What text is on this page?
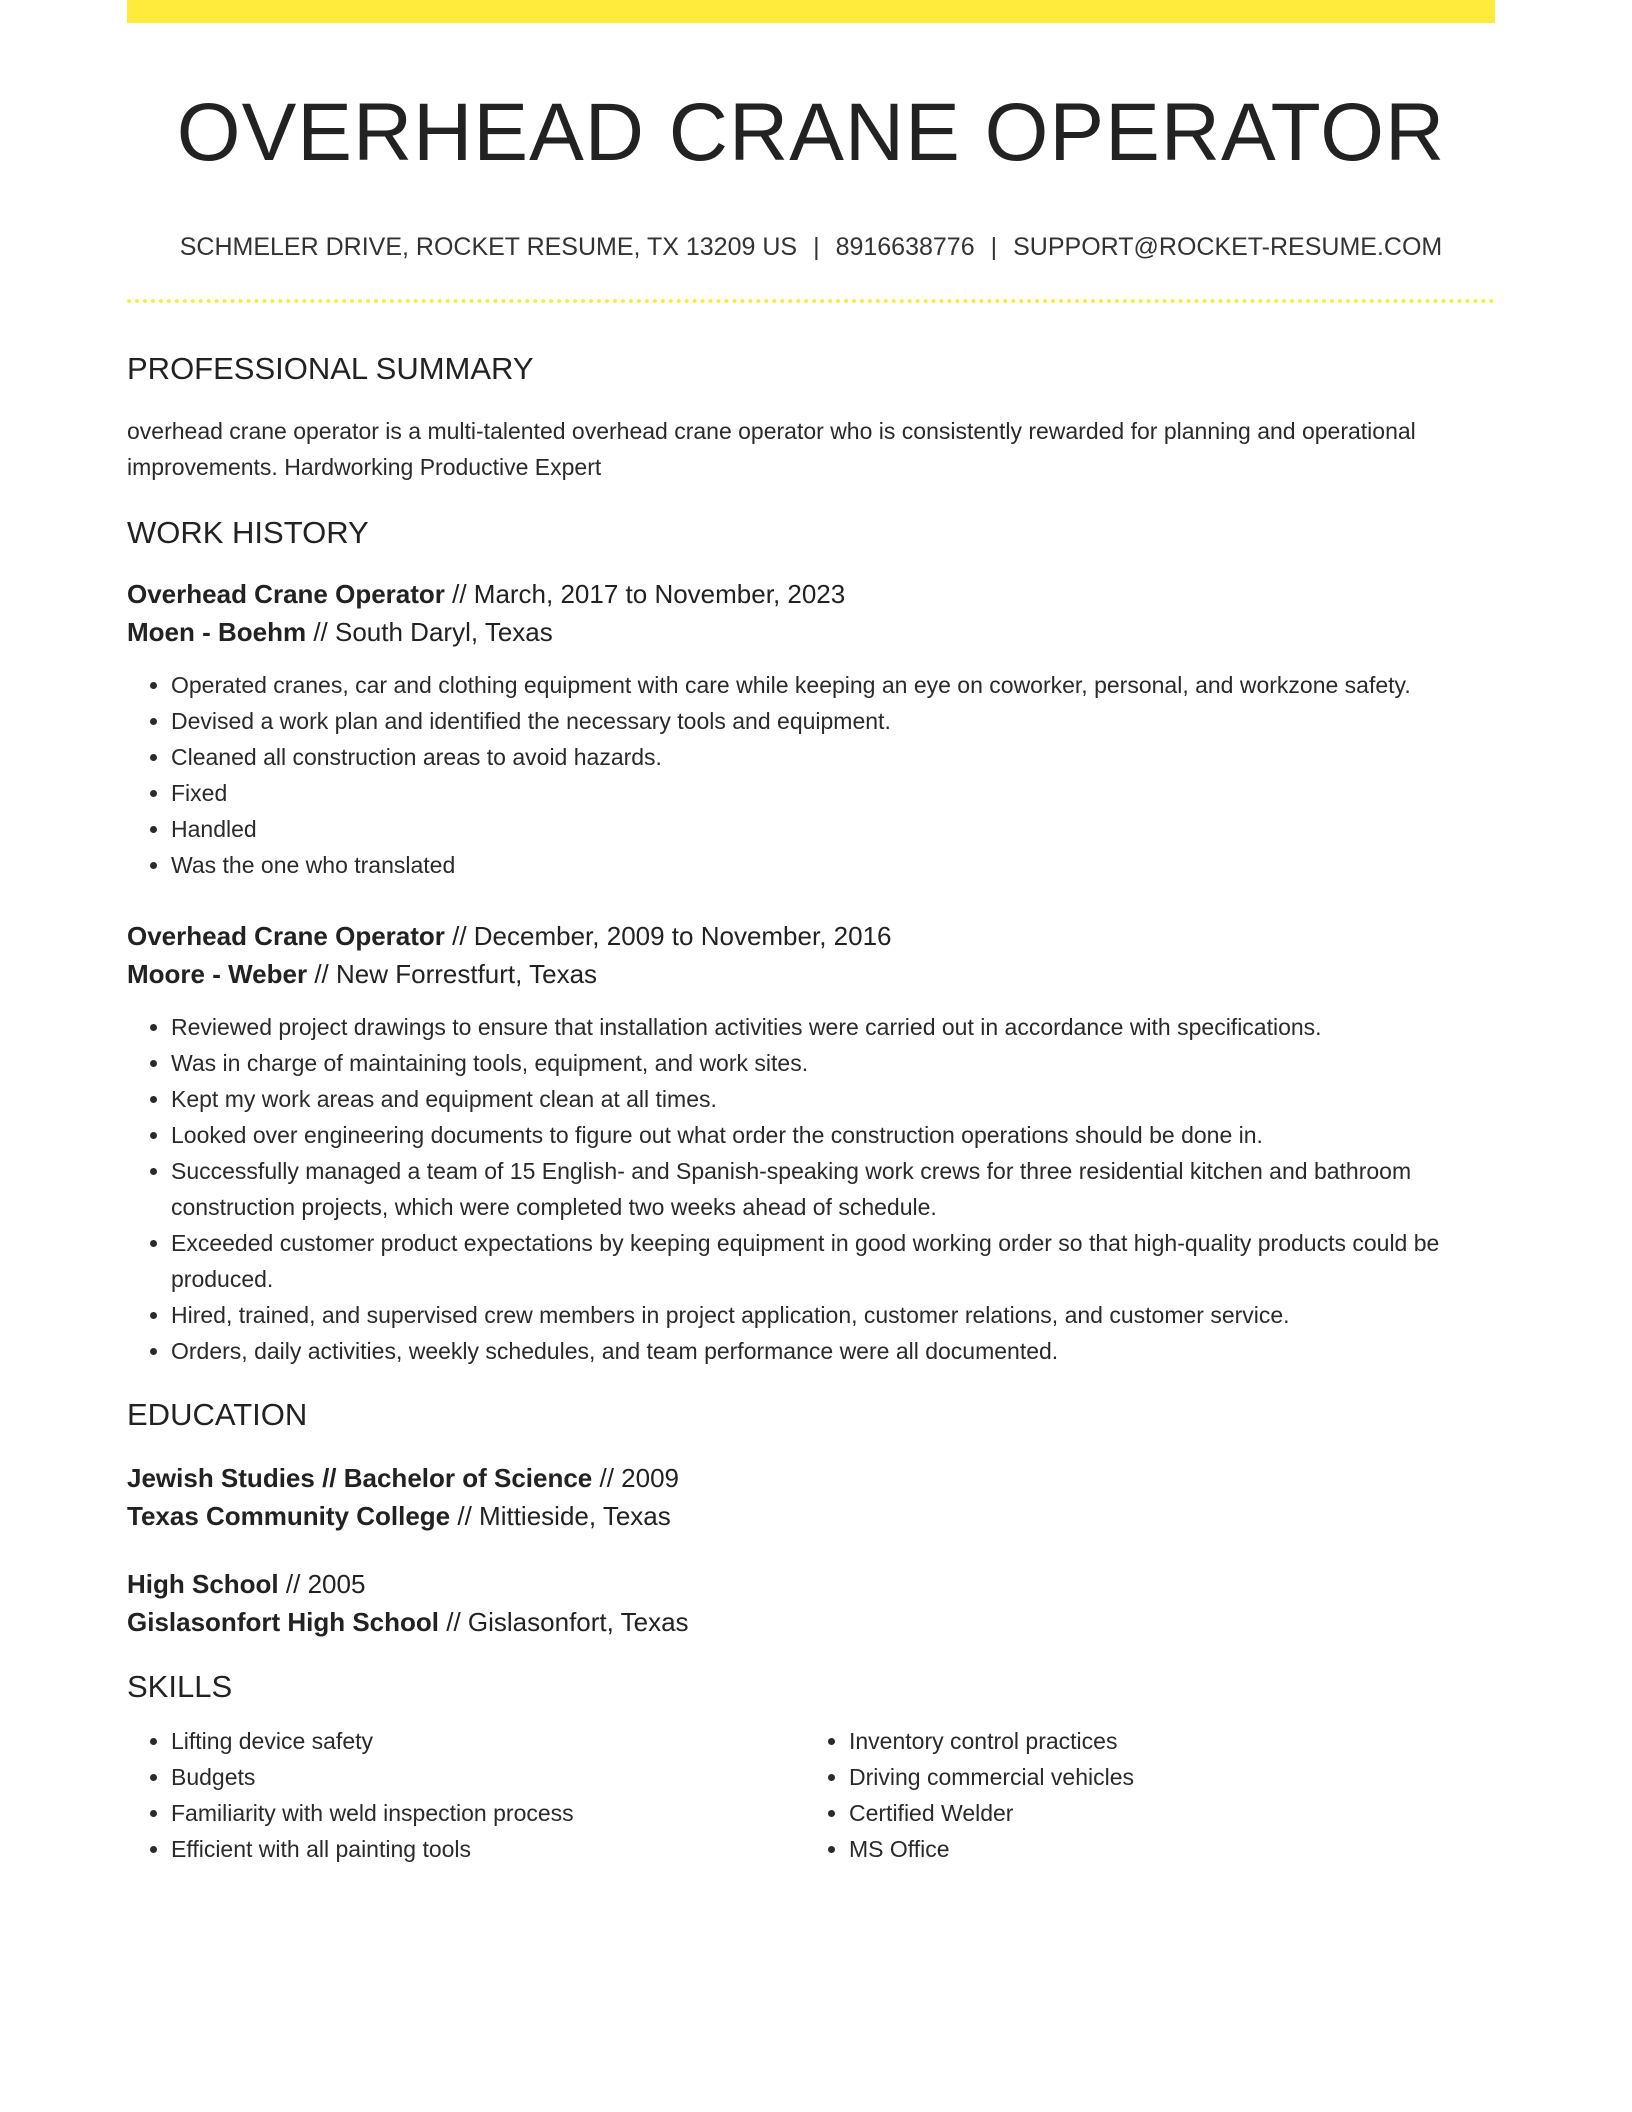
OVERHEAD CRANE OPERATOR
SCHMELER DRIVE, ROCKET RESUME, TX 13209 US | 8916638776 | SUPPORT@ROCKET-RESUME.COM
PROFESSIONAL SUMMARY
overhead crane operator is a multi-talented overhead crane operator who is consistently rewarded for planning and operational improvements. Hardworking Productive Expert
WORK HISTORY
Overhead Crane Operator // March, 2017 to November, 2023
Moen - Boehm // South Daryl, Texas
• Operated cranes, car and clothing equipment with care while keeping an eye on coworker, personal, and workzone safety.
• Devised a work plan and identified the necessary tools and equipment.
• Cleaned all construction areas to avoid hazards.
• Fixed
• Handled
• Was the one who translated
Overhead Crane Operator // December, 2009 to November, 2016
Moore - Weber // New Forrestfurt, Texas
• Reviewed project drawings to ensure that installation activities were carried out in accordance with specifications.
• Was in charge of maintaining tools, equipment, and work sites.
• Kept my work areas and equipment clean at all times.
• Looked over engineering documents to figure out what order the construction operations should be done in.
• Successfully managed a team of 15 English- and Spanish-speaking work crews for three residential kitchen and bathroom construction projects, which were completed two weeks ahead of schedule.
• Exceeded customer product expectations by keeping equipment in good working order so that high-quality products could be produced.
• Hired, trained, and supervised crew members in project application, customer relations, and customer service.
• Orders, daily activities, weekly schedules, and team performance were all documented.
EDUCATION
Jewish Studies // Bachelor of Science // 2009
Texas Community College // Mittieside, Texas
High School // 2005
Gislasonfort High School // Gislasonfort, Texas
SKILLS
• Lifting device safety
• Budgets
• Familiarity with weld inspection process
• Efficient with all painting tools
• Inventory control practices
• Driving commercial vehicles
• Certified Welder
• MS Office
